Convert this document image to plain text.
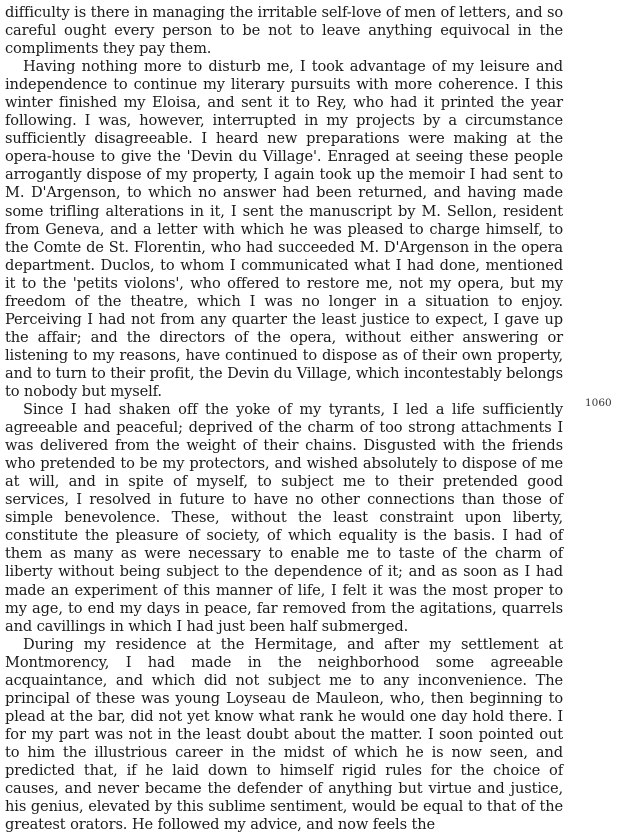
difficulty is there in managing the irritable self-love of men of letters, and so careful ought every person to be not to leave anything equivocal in the compliments they pay them.

Having nothing more to disturb me, I took advantage of my leisure and independence to continue my literary pursuits with more coherence. I this winter finished my Eloisa, and sent it to Rey, who had it printed the year following. I was, however, interrupted in my projects by a circumstance sufficiently disagreeable. I heard new preparations were making at the opera-house to give the 'Devin du Village'. Enraged at seeing these people arrogantly dispose of my property, I again took up the memoir I had sent to M. D'Argenson, to which no answer had been returned, and having made some trifling alterations in it, I sent the manuscript by M. Sellon, resident from Geneva, and a letter with which he was pleased to charge himself, to the Comte de St. Florentin, who had succeeded M. D'Argenson in the opera department. Duclos, to whom I communicated what I had done, mentioned it to the 'petits violons', who offered to restore me, not my opera, but my freedom of the theatre, which I was no longer in a situation to enjoy. Perceiving I had not from any quarter the least justice to expect, I gave up the affair; and the directors of the opera, without either answering or listening to my reasons, have continued to dispose as of their own property, and to turn to their profit, the Devin du Village, which incontestably belongs to nobody but myself.

Since I had shaken off the yoke of my tyrants, I led a life sufficiently agreeable and peaceful; deprived of the charm of too strong attachments I was delivered from the weight of their chains. Disgusted with the friends who pretended to be my protectors, and wished absolutely to dispose of me at will, and in spite of myself, to subject me to their pretended good services, I resolved in future to have no other connections than those of simple benevolence. These, without the least constraint upon liberty, constitute the pleasure of society, of which equality is the basis. I had of them as many as were necessary to enable me to taste of the charm of liberty without being subject to the dependence of it; and as soon as I had made an experiment of this manner of life, I felt it was the most proper to my age, to end my days in peace, far removed from the agitations, quarrels and cavillings in which I had just been half submerged.

During my residence at the Hermitage, and after my settlement at Montmorency, I had made in the neighborhood some agreeable acquaintance, and which did not subject me to any inconvenience. The principal of these was young Loyseau de Mauleon, who, then beginning to plead at the bar, did not yet know what rank he would one day hold there. I for my part was not in the least doubt about the matter. I soon pointed out to him the illustrious career in the midst of which he is now seen, and predicted that, if he laid down to himself rigid rules for the choice of causes, and never became the defender of anything but virtue and justice, his genius, elevated by this sublime sentiment, would be equal to that of the greatest orators. He followed my advice, and now feels the

1060
